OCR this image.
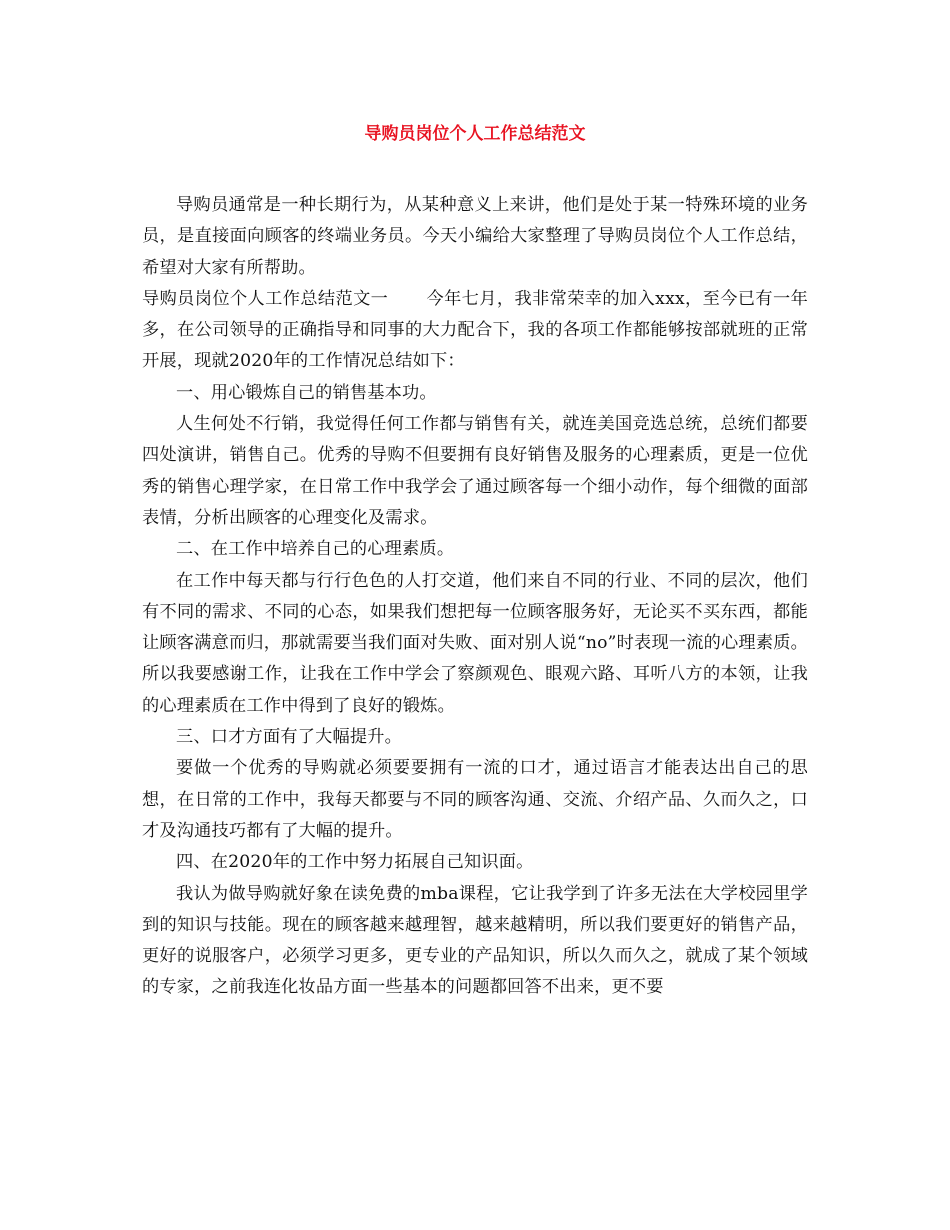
导购员岗位个人工作总结范文

导购员通常是一种长期行为，从某种意义上来讲，他们是处于某一特殊环境的业务员，是直接面向顾客的终端业务员。今天小编给大家整理了导购员岗位个人工作总结，希望对大家有所帮助。

导购员岗位个人工作总结范文一 今年七月，我非常荣幸的加入xxx，至今已有一年多，在公司领导的正确指导和同事的大力配合下，我的各项工作都能够按部就班的正常开展，现就2020年的工作情况总结如下：

一、用心锻炼自己的销售基本功。

人生何处不行销，我觉得任何工作都与销售有关，就连美国竞选总统，总统们都要四处演讲，销售自己。优秀的导购不但要拥有良好销售及服务的心理素质，更是一位优秀的销售心理学家，在日常工作中我学会了通过顾客每一个细小动作，每个细微的面部表情，分析出顾客的心理变化及需求。

二、在工作中培养自己的心理素质。

在工作中每天都与行行色色的人打交道，他们来自不同的行业、不同的层次，他们有不同的需求、不同的心态，如果我们想把每一位顾客服务好，无论买不买东西，都能让顾客满意而归，那就需要当我们面对失败、面对别人说“no”时表现一流的心理素质。所以我要感谢工作，让我在工作中学会了察颜观色、眼观六路、耳听八方的本领，让我的心理素质在工作中得到了良好的锻炼。

三、口才方面有了大幅提升。

要做一个优秀的导购就必须要要拥有一流的口才，通过语言才能表达出自己的思想，在日常的工作中，我每天都要与不同的顾客沟通、交流、介绍产品、久而久之，口才及沟通技巧都有了大幅的提升。

四、在2020年的工作中努力拓展自己知识面。

我认为做导购就好象在读免费的mba课程，它让我学到了许多无法在大学校园里学到的知识与技能。现在的顾客越来越理智，越来越精明，所以我们要更好的销售产品，更好的说服客户，必须学习更多，更专业的产品知识，所以久而久之，就成了某个领域的专家，之前我连化妆品方面一些基本的问题都回答不出来，更不要
